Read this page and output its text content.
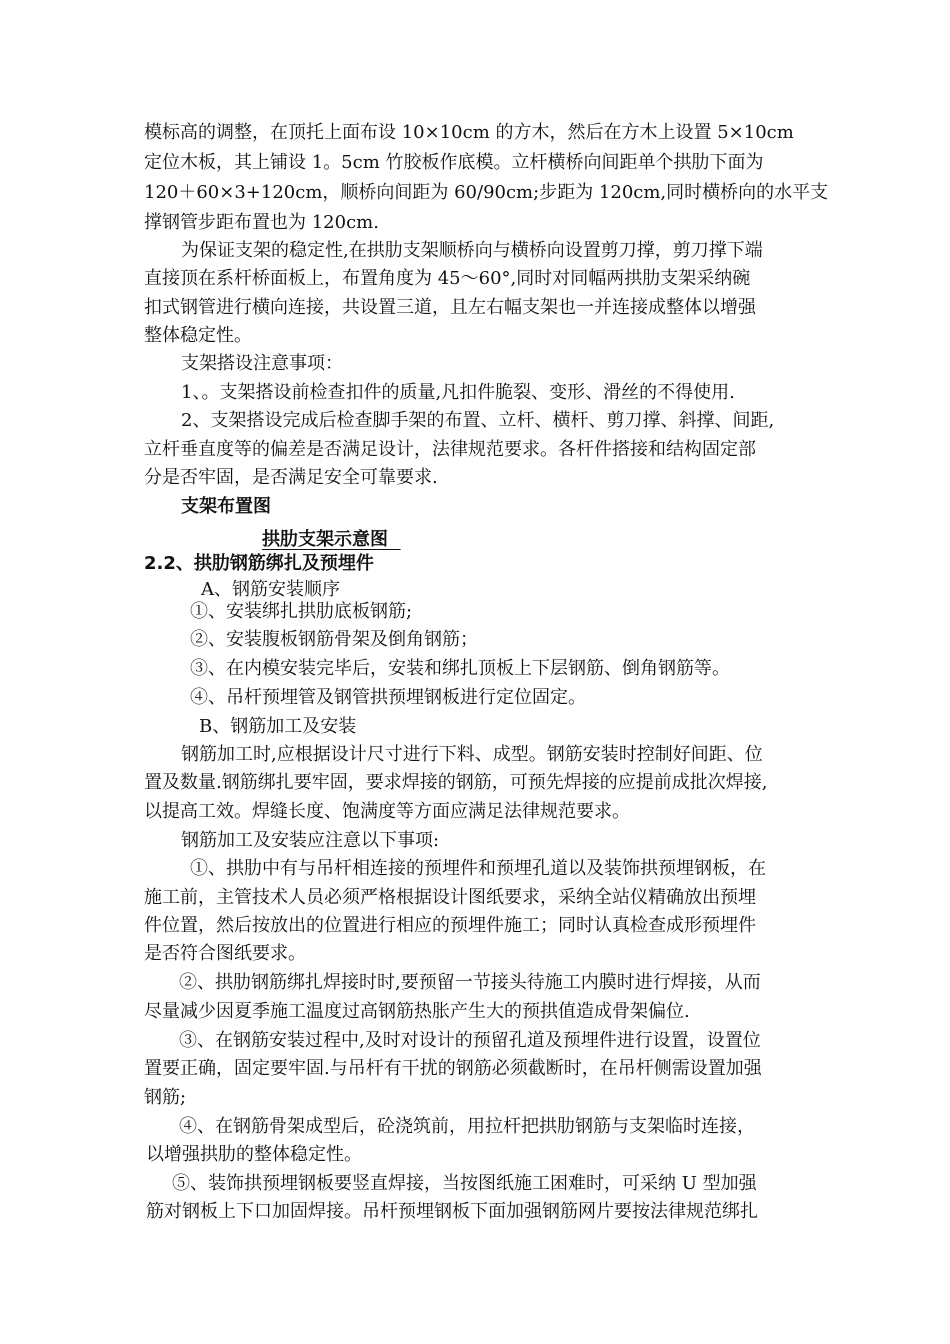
模标高的调整，在顶托上面布设 10×10cm 的方木，然后在方木上设置 5×10cm
定位木板，其上铺设 1。5cm 竹胶板作底模。立杆横桥向间距单个拱肋下面为
120＋60×3+120cm，顺桥向间距为 60/90cm;步距为 120cm,同时横桥向的水平支
撑钢管步距布置也为 120cm.
为保证支架的稳定性,在拱肋支架顺桥向与横桥向设置剪刀撑，剪刀撑下端
直接顶在系杆桥面板上，布置角度为 45～60°,同时对同幅两拱肋支架采纳碗
扣式钢管进行横向连接，共设置三道，且左右幅支架也一并连接成整体以增强
整体稳定性。
支架搭设注意事项：
1、。支架搭设前检查扣件的质量,凡扣件脆裂、变形、滑丝的不得使用.
2、支架搭设完成后检查脚手架的布置、立杆、横杆、剪刀撑、斜撑、间距,
立杆垂直度等的偏差是否满足设计，法律规范要求。各杆件搭接和结构固定部
分是否牢固，是否满足安全可靠要求.
支架布置图
拱肋支架示意图
2.2、拱肋钢筋绑扎及预埋件
A、钢筋安装顺序
①、安装绑扎拱肋底板钢筋;
②、安装腹板钢筋骨架及倒角钢筋；
③、在内模安装完毕后，安装和绑扎顶板上下层钢筋、倒角钢筋等。
④、吊杆预埋管及钢管拱预埋钢板进行定位固定。
B、钢筋加工及安装
钢筋加工时,应根据设计尺寸进行下料、成型。钢筋安装时控制好间距、位
置及数量.钢筋绑扎要牢固，要求焊接的钢筋，可预先焊接的应提前成批次焊接,
以提高工效。焊缝长度、饱满度等方面应满足法律规范要求。
钢筋加工及安装应注意以下事项:
①、拱肋中有与吊杆相连接的预埋件和预埋孔道以及装饰拱预埋钢板，在
施工前，主管技术人员必须严格根据设计图纸要求，采纳全站仪精确放出预埋
件位置，然后按放出的位置进行相应的预埋件施工；同时认真检查成形预埋件
是否符合图纸要求。
②、拱肋钢筋绑扎焊接时时,要预留一节接头待施工内膜时进行焊接，从而
尽量减少因夏季施工温度过高钢筋热胀产生大的预拱值造成骨架偏位.
③、在钢筋安装过程中,及时对设计的预留孔道及预埋件进行设置，设置位
置要正确，固定要牢固.与吊杆有干扰的钢筋必须截断时，在吊杆侧需设置加强
钢筋;
④、在钢筋骨架成型后，砼浇筑前，用拉杆把拱肋钢筋与支架临时连接，
以增强拱肋的整体稳定性。
⑤、装饰拱预埋钢板要竖直焊接，当按图纸施工困难时，可采纳 U 型加强
筋对钢板上下口加固焊接。吊杆预埋钢板下面加强钢筋网片要按法律规范绑扎
